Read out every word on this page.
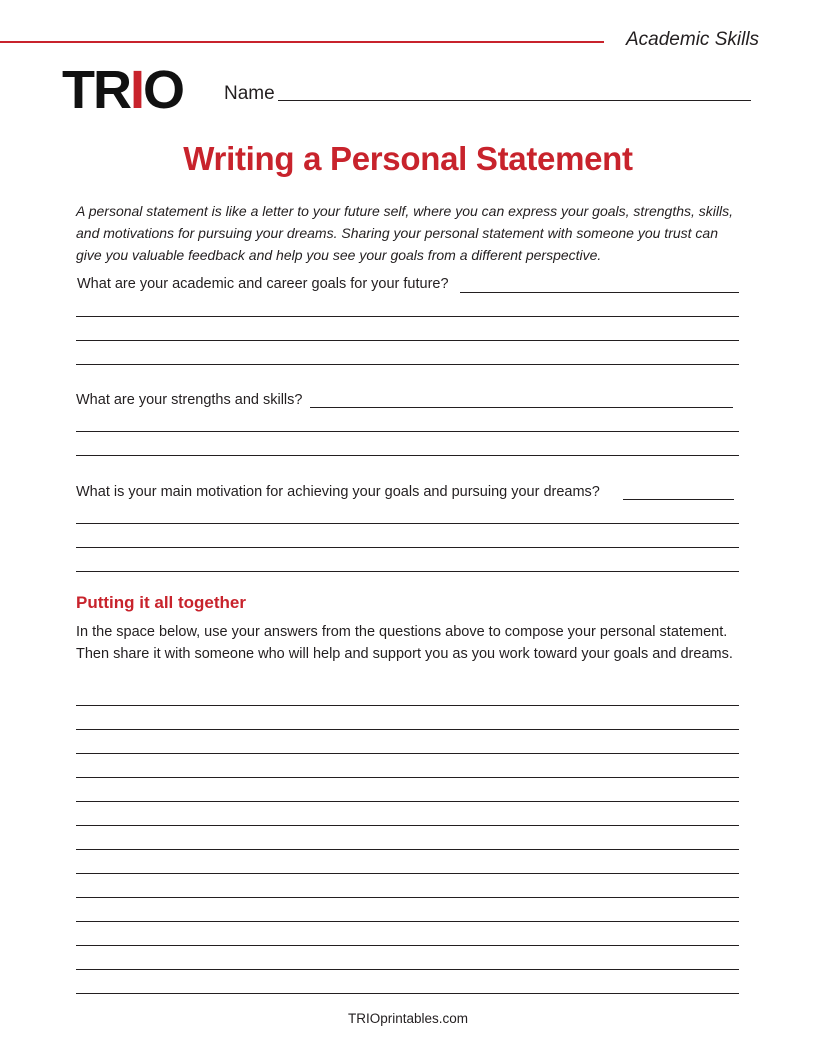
Academic Skills
TRIO Name
Writing a Personal Statement

A personal statement is like a letter to your future self, where you can express your goals, strengths, skills, and motivations for pursuing your dreams. Sharing your personal statement with someone you trust can give you valuable feedback and help you see your goals from a different perspective.

What are your academic and career goals for your future?
What are your strengths and skills?
What is your main motivation for achieving your goals and pursuing your dreams?
Putting it all together

In the space below, use your answers from the questions above to compose your personal statement. Then share it with someone who will help and support you as you work toward your goals and dreams.

TRIOprintables.com
